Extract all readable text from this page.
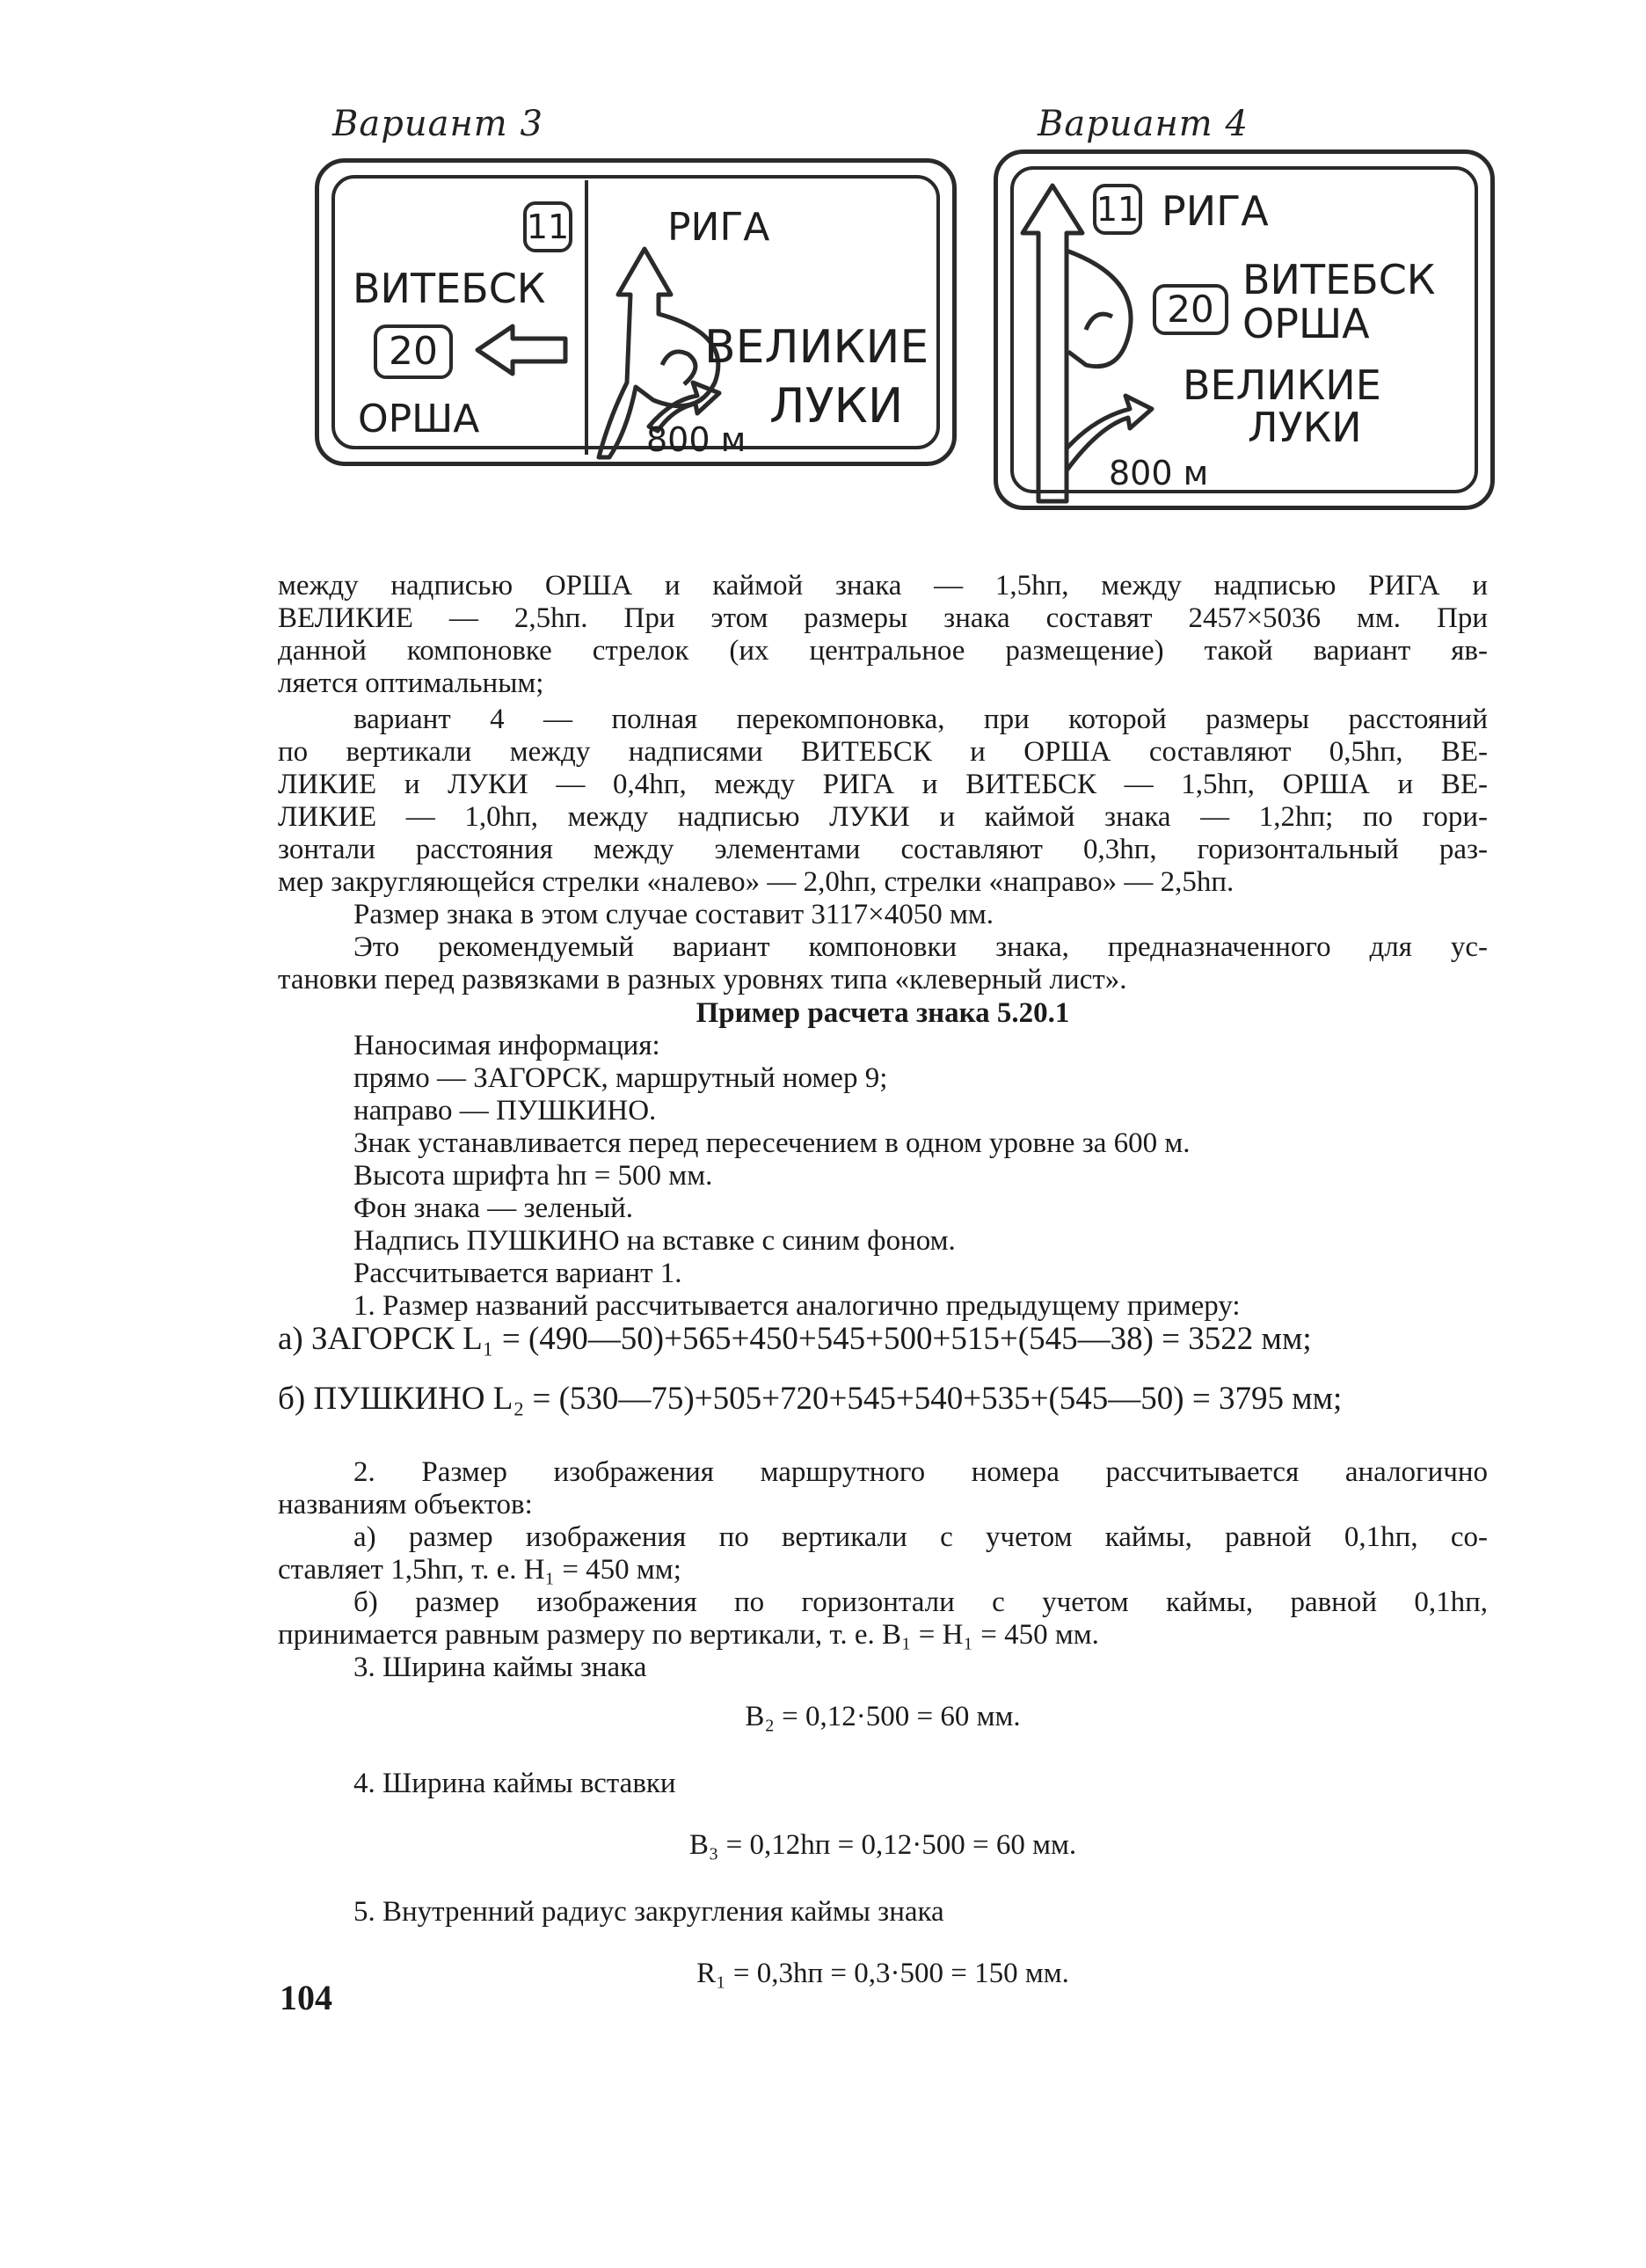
Вариант 3
11	РИГА
ВИТЕБСК
20	ВЕЛИКИЕ
ОРША	ЛУКИ
800 м
Вариант 4
11 РИГА
ВИТЕБСК
20 ОРША
ВЕЛИКИЕ
ЛУКИ
800 м

между надписью ОРША и каймой знака — 1,5hп, между надписью РИГА и

ВЕЛИКИЕ — 2,5hп. При этом размеры знака составят 2457×5036 мм. При

данной компоновке стрелок (их центральное размещение) такой вариант яв-

ляется оптимальным;

вариант 4 — полная перекомпоновка, при которой размеры расстояний

по вертикали между надписями ВИТЕБСК и ОРША составляют 0,5hп, ВЕ-

ЛИКИЕ и ЛУКИ — 0,4hп, между РИГА и ВИТЕБСК — 1,5hп, ОРША и ВЕ-

ЛИКИЕ — 1,0hп, между надписью ЛУКИ и каймой знака — 1,2hп; по гори-

зонтали расстояния между элементами составляют 0,3hп, горизонтальный раз-

мер закругляющейся стрелки «налево» — 2,0hп, стрелки «направо» — 2,5hп.

Размер знака в этом случае составит 3117×4050 мм.

Это рекомендуемый вариант компоновки знака, предназначенного для ус-

тановки перед развязками в разных уровнях типа «клеверный лист».

Пример расчета знака 5.20.1

Наносимая информация:

прямо — ЗАГОРСК, маршрутный номер 9;

направо — ПУШКИНО.

Знак устанавливается перед пересечением в одном уровне за 600 м.

Высота шрифта hп = 500 мм.

Фон знака — зеленый.

Надпись ПУШКИНО на вставке с синим фоном.

Рассчитывается вариант 1.

1. Размер названий рассчитывается аналогично предыдущему примеру:

а) ЗАГОРСК L₁ = (490—50)+565+450+545+500+515+(545—38) = 3522 мм;

б) ПУШКИНО L₂ = (530—75)+505+720+545+540+535+(545—50) = 3795 мм;

2. Размер изображения маршрутного номера рассчитывается аналогично

названиям объектов:

а) размер изображения по вертикали с учетом каймы, равной 0,1hп, со-

ставляет 1,5hп, т. е. H₁ = 450 мм;

б) размер изображения по горизонтали с учетом каймы, равной 0,1hп,

принимается равным размеру по вертикали, т. е. B₁ = H₁ = 450 мм.

3. Ширина каймы знака

B₂ = 0,12·500 = 60 мм.

4. Ширина каймы вставки

B₃ = 0,12hп = 0,12·500 = 60 мм.

5. Внутренний радиус закругления каймы знака

R₁ = 0,3hп = 0,3·500 = 150 мм.

104
